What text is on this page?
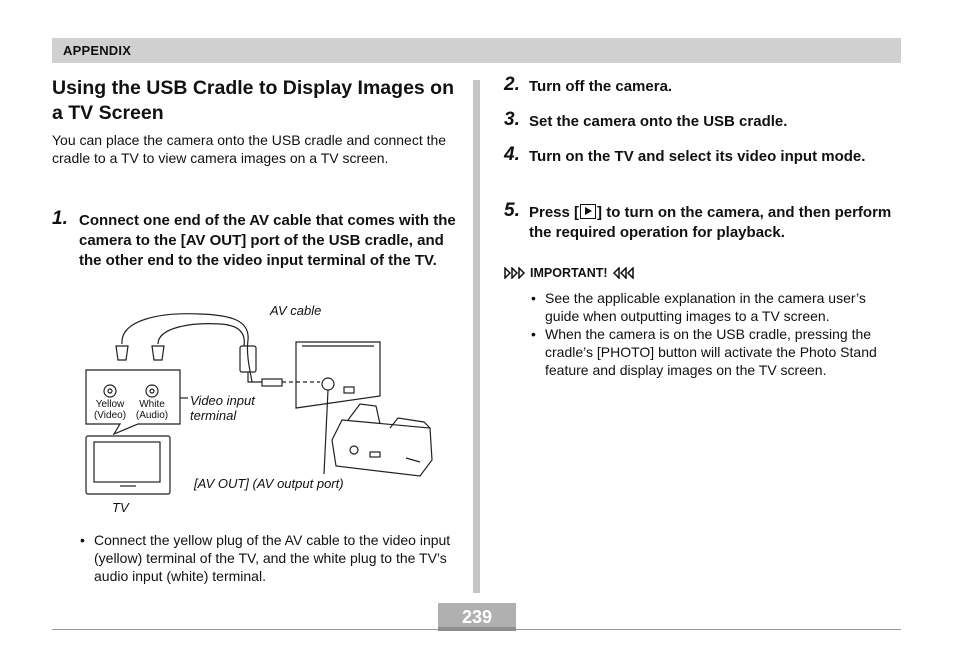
APPENDIX
Using the USB Cradle to Display Images on a TV Screen
You can place the camera onto the USB cradle and connect the cradle to a TV to view camera images on a TV screen.
1. Connect one end of the AV cable that comes with the camera to the [AV OUT] port of the USB cradle, and the other end to the video input terminal of the TV.
AV cable
Video input
terminal
Yellow
(Video)
White
(Audio)
[AV OUT] (AV output port)
TV
• Connect the yellow plug of the AV cable to the video input (yellow) terminal of the TV, and the white plug to the TV’s audio input (white) terminal.
2. Turn off the camera.
3. Set the camera onto the USB cradle.
4. Turn on the TV and select its video input mode.
5. Press [ ] to turn on the camera, and then perform the required operation for playback.
IMPORTANT!
• See the applicable explanation in the camera user’s guide when outputting images to a TV screen.
• When the camera is on the USB cradle, pressing the cradle’s [PHOTO] button will activate the Photo Stand feature and display images on the TV screen.
239
